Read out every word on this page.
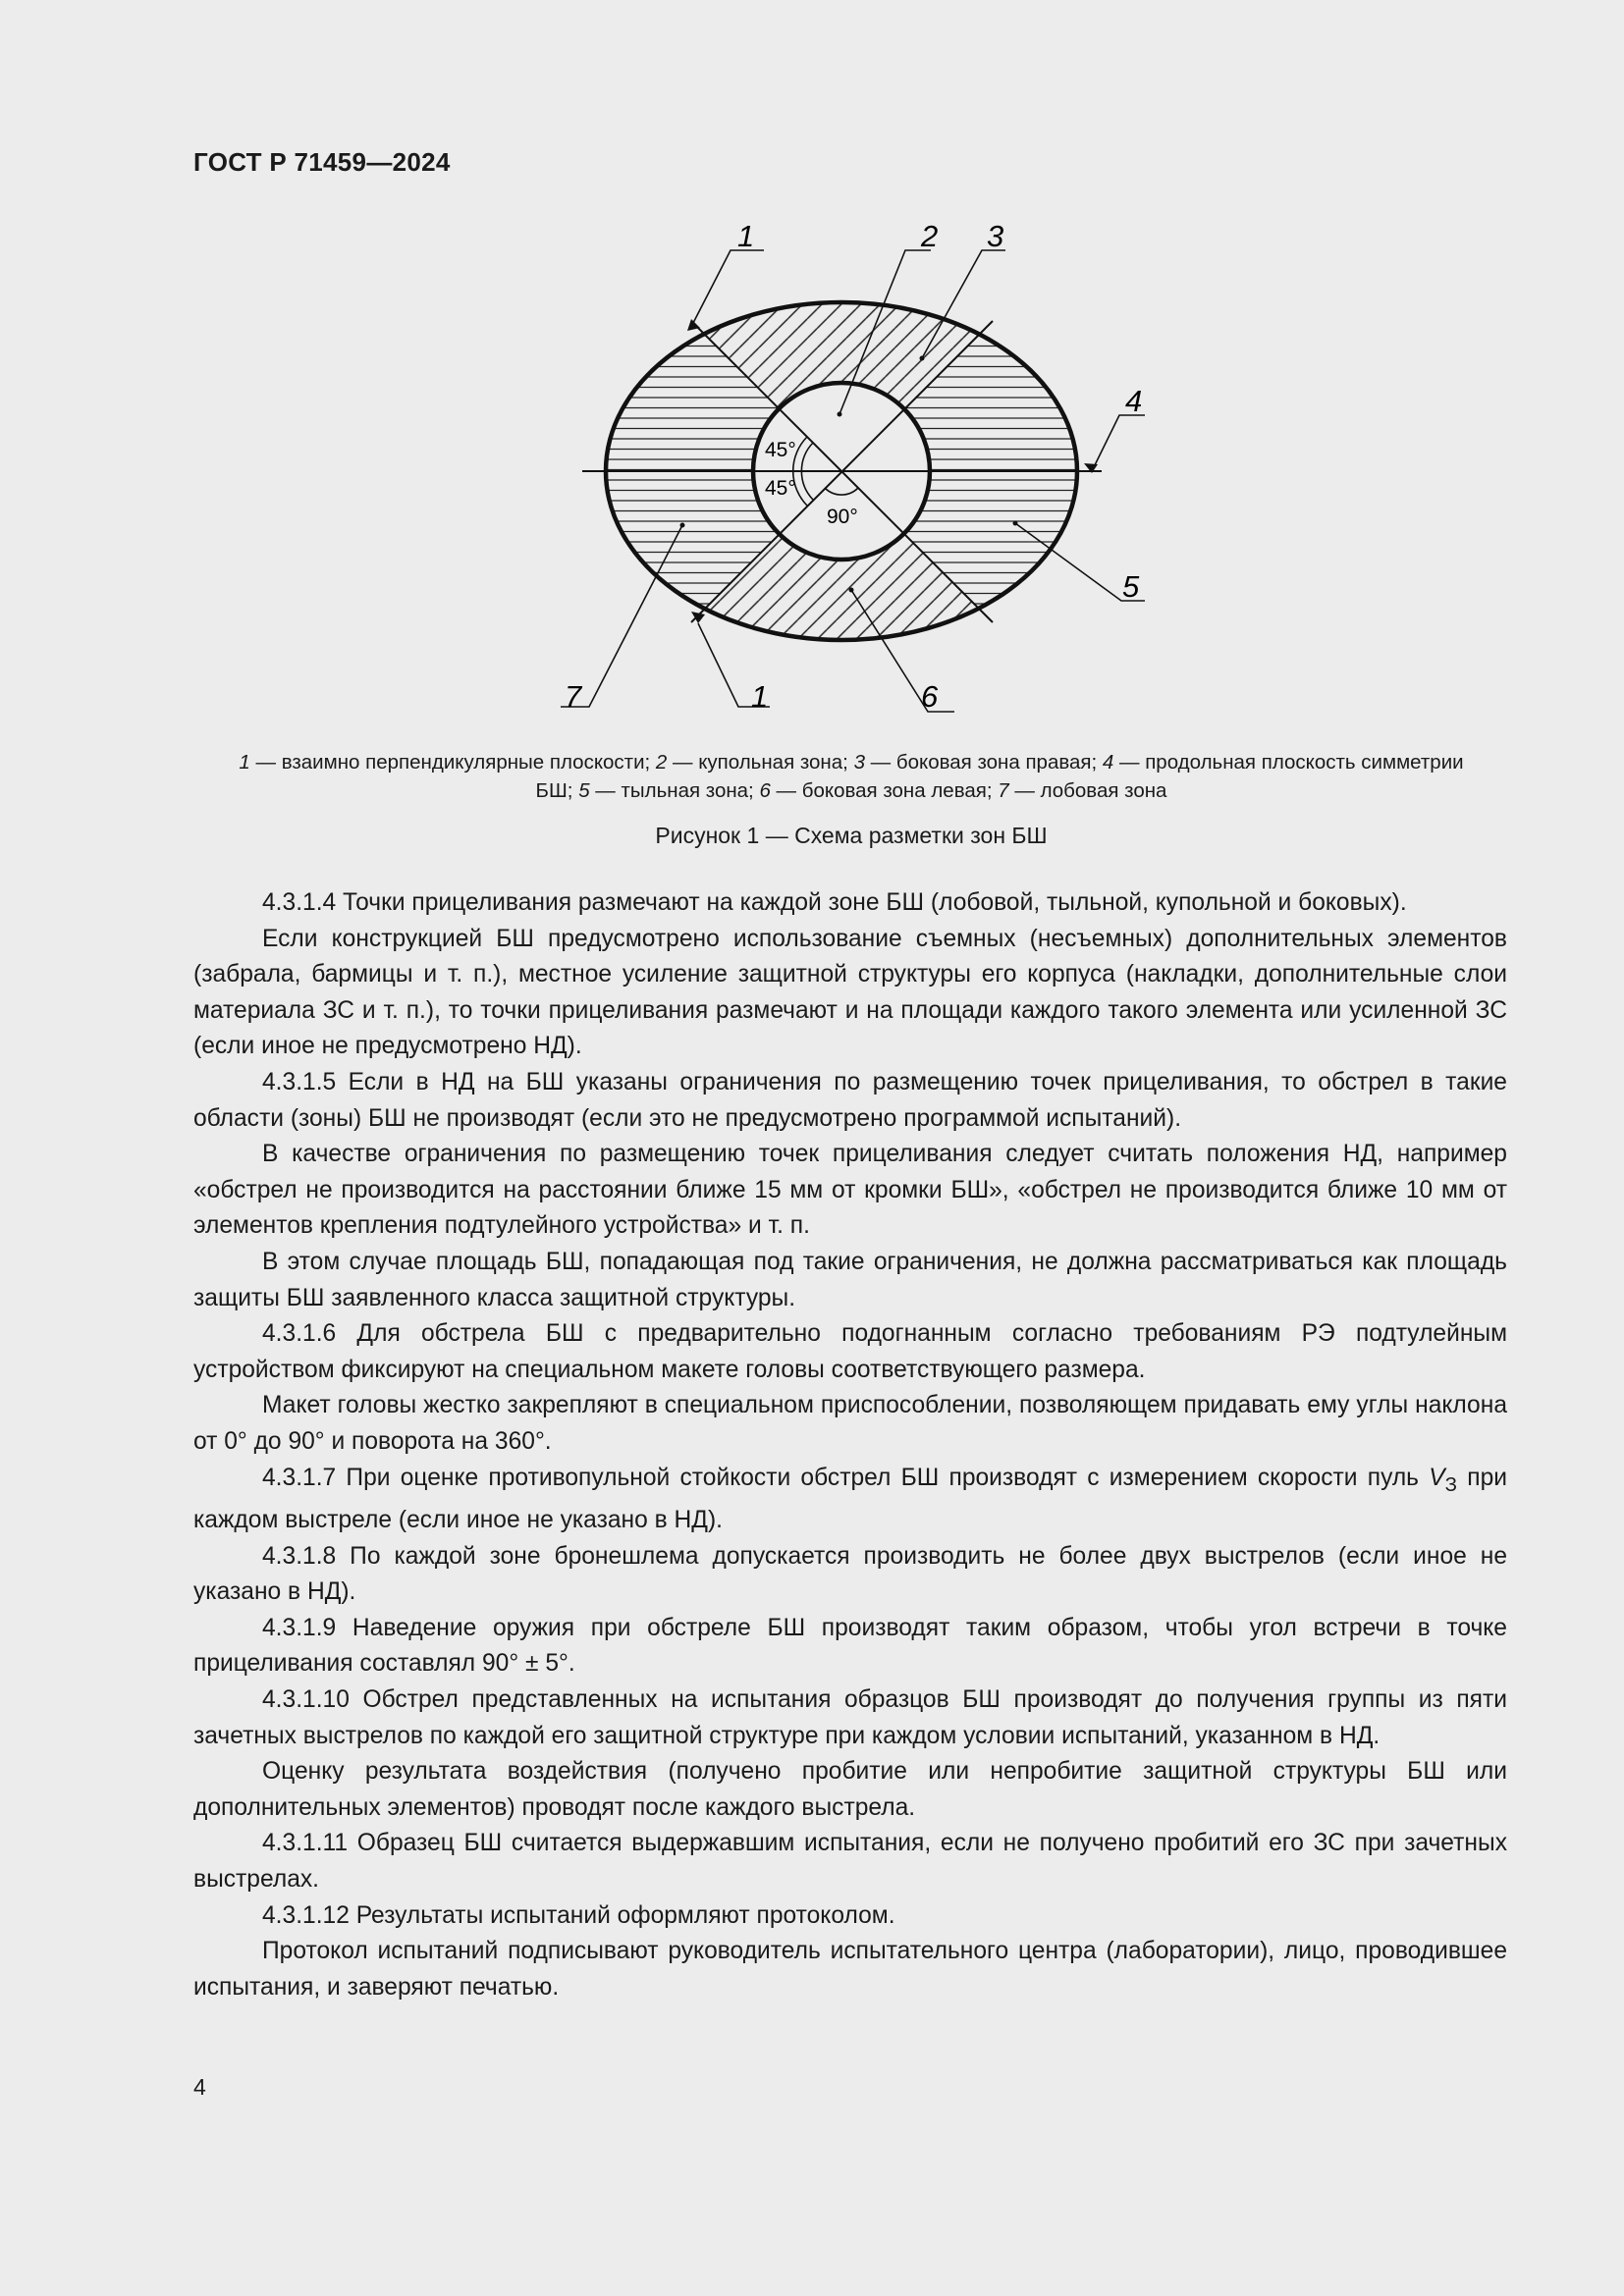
ГОСТ Р 71459—2024
45°
45°
90°
1	2 3
4
5
6
7	1
1 — взаимно перпендикулярные плоскости; 2 — купольная зона; 3 — боковая зона правая; 4 — продольная плоскость симметрии
БШ; 5 — тыльная зона; 6 — боковая зона левая; 7 — лобовая зона
Рисунок 1 — Схема разметки зон БШ

4.3.1.4 Точки прицеливания размечают на каждой зоне БШ (лобовой, тыльной, купольной и боковых).

Если конструкцией БШ предусмотрено использование съемных (несъемных) дополнительных элементов (забрала, бармицы и т. п.), местное усиление защитной структуры его корпуса (накладки, дополнительные слои материала ЗС и т. п.), то точки прицеливания размечают и на площади каждого такого элемента или усиленной ЗС (если иное не предусмотрено НД).

4.3.1.5 Если в НД на БШ указаны ограничения по размещению точек прицеливания, то обстрел в такие области (зоны) БШ не производят (если это не предусмотрено программой испытаний).

В качестве ограничения по размещению точек прицеливания следует считать положения НД, например «обстрел не производится на расстоянии ближе 15 мм от кромки БШ», «обстрел не производится ближе 10 мм от элементов крепления подтулейного устройства» и т. п.

В этом случае площадь БШ, попадающая под такие ограничения, не должна рассматриваться как площадь защиты БШ заявленного класса защитной структуры.

4.3.1.6 Для обстрела БШ с предварительно подогнанным согласно требованиям РЭ подтулейным устройством фиксируют на специальном макете головы соответствующего размера.

Макет головы жестко закрепляют в специальном приспособлении, позволяющем придавать ему углы наклона от 0° до 90° и поворота на 360°.

4.3.1.7 При оценке противопульной стойкости обстрел БШ производят с измерением скорости пуль $V_З$ при каждом выстреле (если иное не указано в НД).

4.3.1.8 По каждой зоне бронешлема допускается производить не более двух выстрелов (если иное не указано в НД).

4.3.1.9 Наведение оружия при обстреле БШ производят таким образом, чтобы угол встречи в точке прицеливания составлял 90° ± 5°.

4.3.1.10 Обстрел представленных на испытания образцов БШ производят до получения группы из пяти зачетных выстрелов по каждой его защитной структуре при каждом условии испытаний, указанном в НД.

Оценку результата воздействия (получено пробитие или непробитие защитной структуры БШ или дополнительных элементов) проводят после каждого выстрела.

4.3.1.11 Образец БШ считается выдержавшим испытания, если не получено пробитий его ЗС при зачетных выстрелах.

4.3.1.12 Результаты испытаний оформляют протоколом.

Протокол испытаний подписывают руководитель испытательного центра (лаборатории), лицо, проводившее испытания, и заверяют печатью.

4
